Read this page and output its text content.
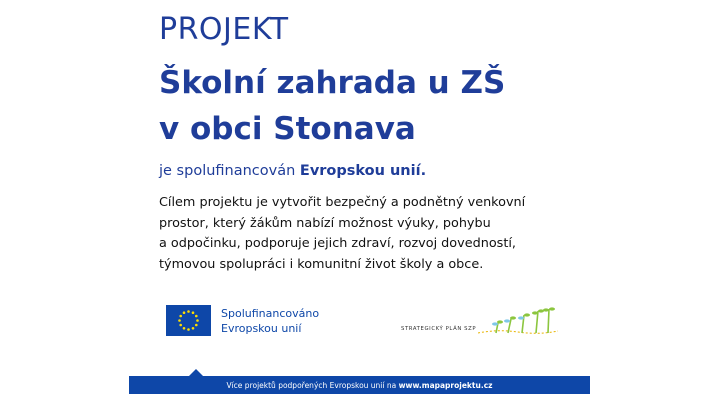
PROJEKT
Školní zahrada u ZŠ
v obci Stonava
je spolufinancován Evropskou unií.
Cílem projektu je vytvořit bezpečný a podnětný venkovní
prostor, který žákům nabízí možnost výuky, pohybu
a odpočinku, podporuje jejich zdraví, rozvoj dovedností,
týmovou spolupráci i komunitní život školy a obce.
Spolufinancováno
Evropskou unií	STRATEGICKÝ PLÁN SZP
Více projektů podpořených Evropskou unií na
www.mapaprojektu.cz
